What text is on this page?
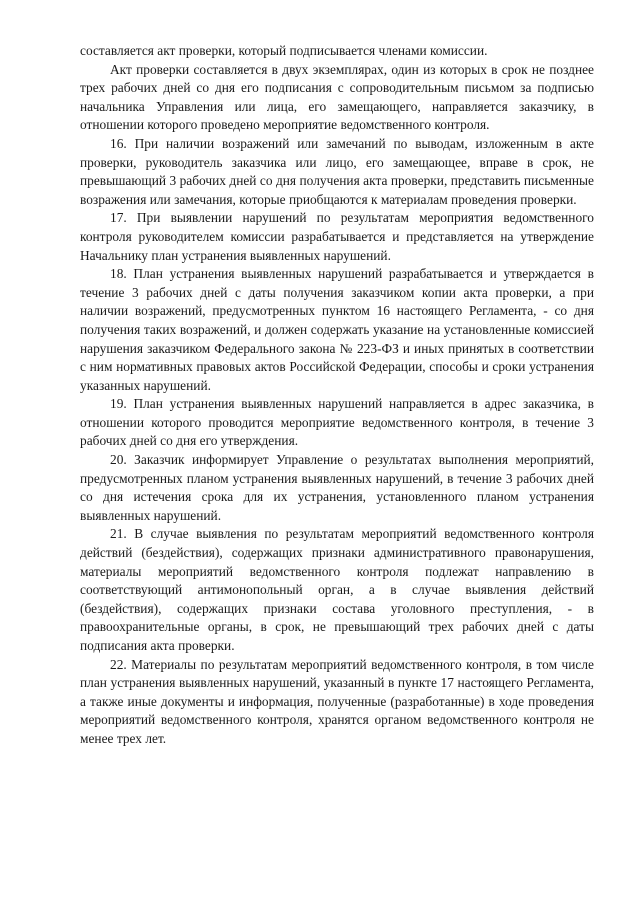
составляется акт проверки, который подписывается членами комиссии.

Акт проверки составляется в двух экземплярах, один из которых в срок не позднее трех рабочих дней со дня его подписания с сопроводительным письмом за подписью начальника Управления или лица, его замещающего, направляется заказчику, в отношении которого проведено мероприятие ведомственного контроля.

16. При наличии возражений или замечаний по выводам, изложенным в акте проверки, руководитель заказчика или лицо, его замещающее, вправе в срок, не превышающий 3 рабочих дней со дня получения акта проверки, представить письменные возражения или замечания, которые приобщаются к материалам проведения проверки.

17. При выявлении нарушений по результатам мероприятия ведомственного контроля руководителем комиссии разрабатывается и представляется на утверждение Начальнику план устранения выявленных нарушений.

18. План устранения выявленных нарушений разрабатывается и утверждается в течение 3 рабочих дней с даты получения заказчиком копии акта проверки, а при наличии возражений, предусмотренных пунктом 16 настоящего Регламента, - со дня получения таких возражений, и должен содержать указание на установленные комиссией нарушения заказчиком Федерального закона № 223-ФЗ и иных принятых в соответствии с ним нормативных правовых актов Российской Федерации, способы и сроки устранения указанных нарушений.

19. План устранения выявленных нарушений направляется в адрес заказчика, в отношении которого проводится мероприятие ведомственного контроля, в течение 3 рабочих дней со дня его утверждения.

20. Заказчик информирует Управление о результатах выполнения мероприятий, предусмотренных планом устранения выявленных нарушений, в течение 3 рабочих дней со дня истечения срока для их устранения, установленного планом устранения выявленных нарушений.

21. В случае выявления по результатам мероприятий ведомственного контроля действий (бездействия), содержащих признаки административного правонарушения, материалы мероприятий ведомственного контроля подлежат направлению в соответствующий антимонопольный орган, а в случае выявления действий (бездействия), содержащих признаки состава уголовного преступления, - в правоохранительные органы, в срок, не превышающий трех рабочих дней с даты подписания акта проверки.

22. Материалы по результатам мероприятий ведомственного контроля, в том числе план устранения выявленных нарушений, указанный в пункте 17 настоящего Регламента, а также иные документы и информация, полученные (разработанные) в ходе проведения мероприятий ведомственного контроля, хранятся органом ведомственного контроля не менее трех лет.
